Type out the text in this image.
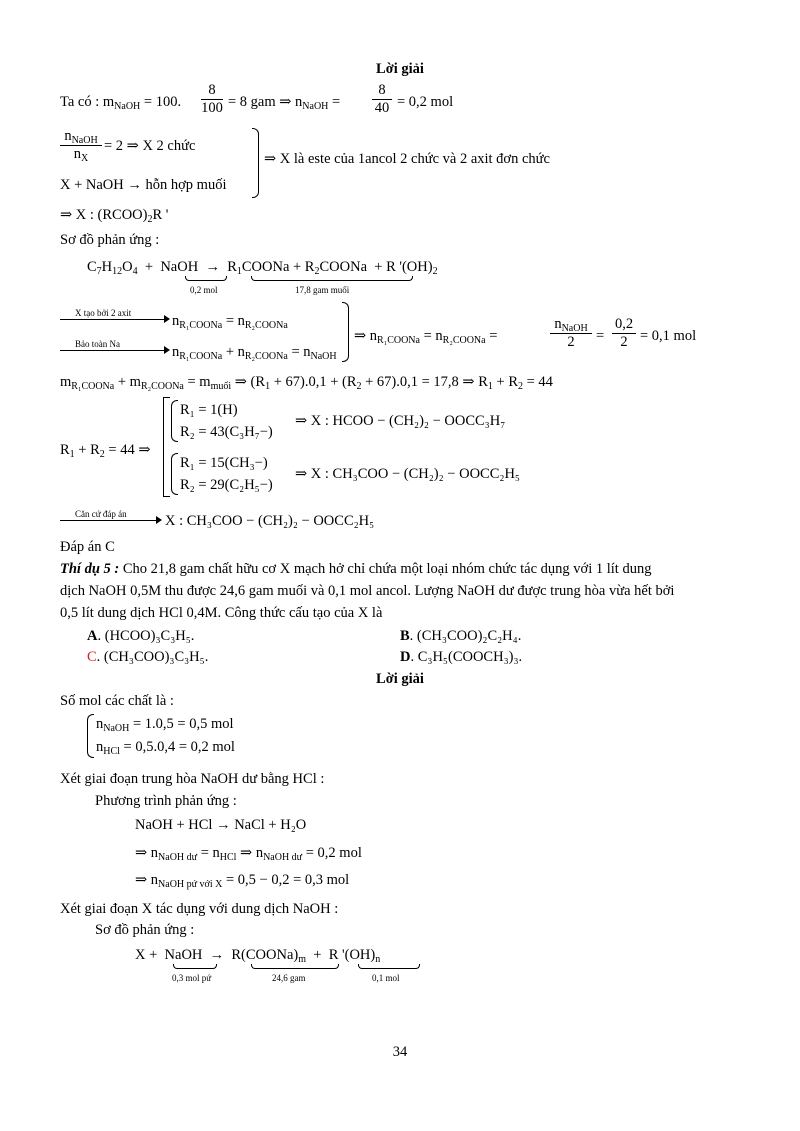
Lời giải
Ta có : $m_{NaOH} = 100$. $\frac{8}{100} = 8$ gam ⇒ $n_{NaOH} = \frac{8}{40} = 0,2$ mol
$n_{NaOH}$
$n_X$
= 2 ⇒ X 2 chức
X + NaOH → hỗn hợp muối
⇒ X là este của 1ancol 2 chức và 2 axit đơn chức
⇒ X : $(RCOO)_2R$ '
Sơ đồ phản ứng :
$C_7H_{12}O_4$ + NaOH → $R_1COONa$ + $R_2COONa + R$ '$(OH)_2$
0,2 mol	17,8 gam muối
X tạo bởi 2 axit	$n_{R_1COONa} = n_{R_2COONa}$
Bảo toàn Na	$n_{R_1COONa} + n_{R_2COONa} = n_{NaOH}$
⇒ $n_{R_1COONa} = n_{R_2COONa}$ =
$n_{NaOH}$
2	= $\frac{0,2}{2} = 0,1$ mol
$m_{R_1COONa} + m_{R_2COONa} = m_{muối}$ ⇒ $(R_1 + 67).0,1 + (R_2 + 67).0,1 = 17,8$ ⇒ $R_1 + R_2 = 44$
$R_1 + R_2 = 44$ ⇒
R₁ = 1(H)
R₂ = 43(C₃H₇−)
⇒ X : HCOO − (CH₂)₂ − OOCC₃H₇
R₁ = 15(CH₃−)
R₂ = 29(C₂H₅−)
⇒ X : CH₃COO − (CH₂)₂ − OOCC₂H₅
Căn cứ đáp án	X : CH₃COO − (CH₂)₂ − OOCC₂H₅
Đáp án C
Thí dụ 5 : Cho 21,8 gam chất hữu cơ X mạch hở chỉ chứa một loại nhóm chức tác dụng với 1 lít dung
dịch NaOH 0,5M thu được 24,6 gam muối và 0,1 mol ancol. Lượng NaOH dư được trung hòa vừa hết bởi
0,5 lít dung dịch HCl 0,4M. Công thức cấu tạo của X là
A. (HCOO)₃C₃H₅.	B. (CH₃COO)₂C₂H₄.
C. (CH₃COO)₃C₃H₅.	D. C₃H₅(COOCH₃)₃.
Lời giải
Số mol các chất là :
$n_{NaOH} = 1.0,5 = 0,5$ mol
$n_{HCl} = 0,5.0,4 = 0,2$ mol
Xét giai đoạn trung hòa NaOH dư bằng HCl :
Phương trình phản ứng :
NaOH + HCl → NaCl + H₂O
⇒ $n_{NaOH dư} = n_{HCl}$ ⇒ $n_{NaOH dư} = 0,2$ mol
⇒ $n_{NaOH pứ với X} = 0,5 - 0,2 = 0,3$ mol
Xét giai đoạn X tác dụng với dung dịch NaOH :
Sơ đồ phản ứng :
X + NaOH → $R(COONa)_m + R$ '$(OH)_n$
0,3 mol pứ	24,6 gam	0,1 mol
34
